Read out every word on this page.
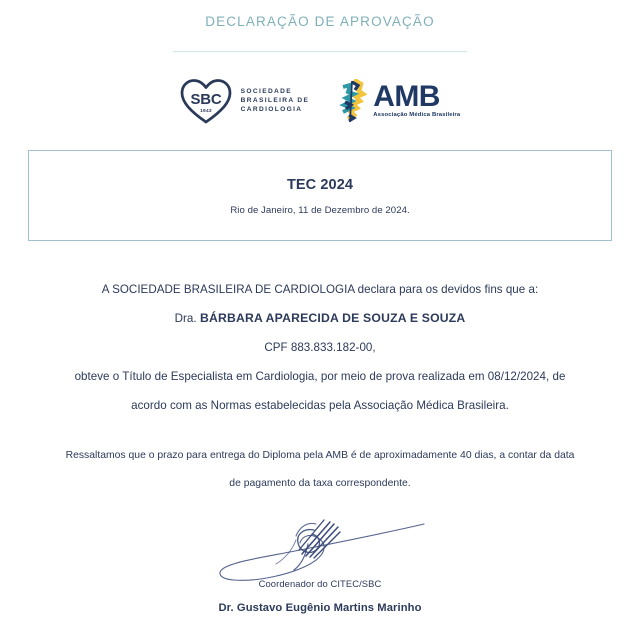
DECLARAÇÃO DE APROVAÇÃO
SBC
1943
SOCIEDADE
BRASILEIRA DE
CARDIOLOGIA AMB
Associação Médica Brasileira
TEC 2024
Rio de Janeiro, 11 de Dezembro de 2024.
A SOCIEDADE BRASILEIRA DE CARDIOLOGIA declara para os devidos fins que a:
Dra. BÁRBARA APARECIDA DE SOUZA E SOUZA
CPF 883.833.182-00,
obteve o Título de Especialista em Cardiologia, por meio de prova realizada em 08/12/2024, de
acordo com as Normas estabelecidas pela Associação Médica Brasileira.
Ressaltamos que o prazo para entrega do Diploma pela AMB é de aproximadamente 40 dias, a contar da data
de pagamento da taxa correspondente.
Coordenador do CITEC/SBC
Dr. Gustavo Eugênio Martins Marinho
